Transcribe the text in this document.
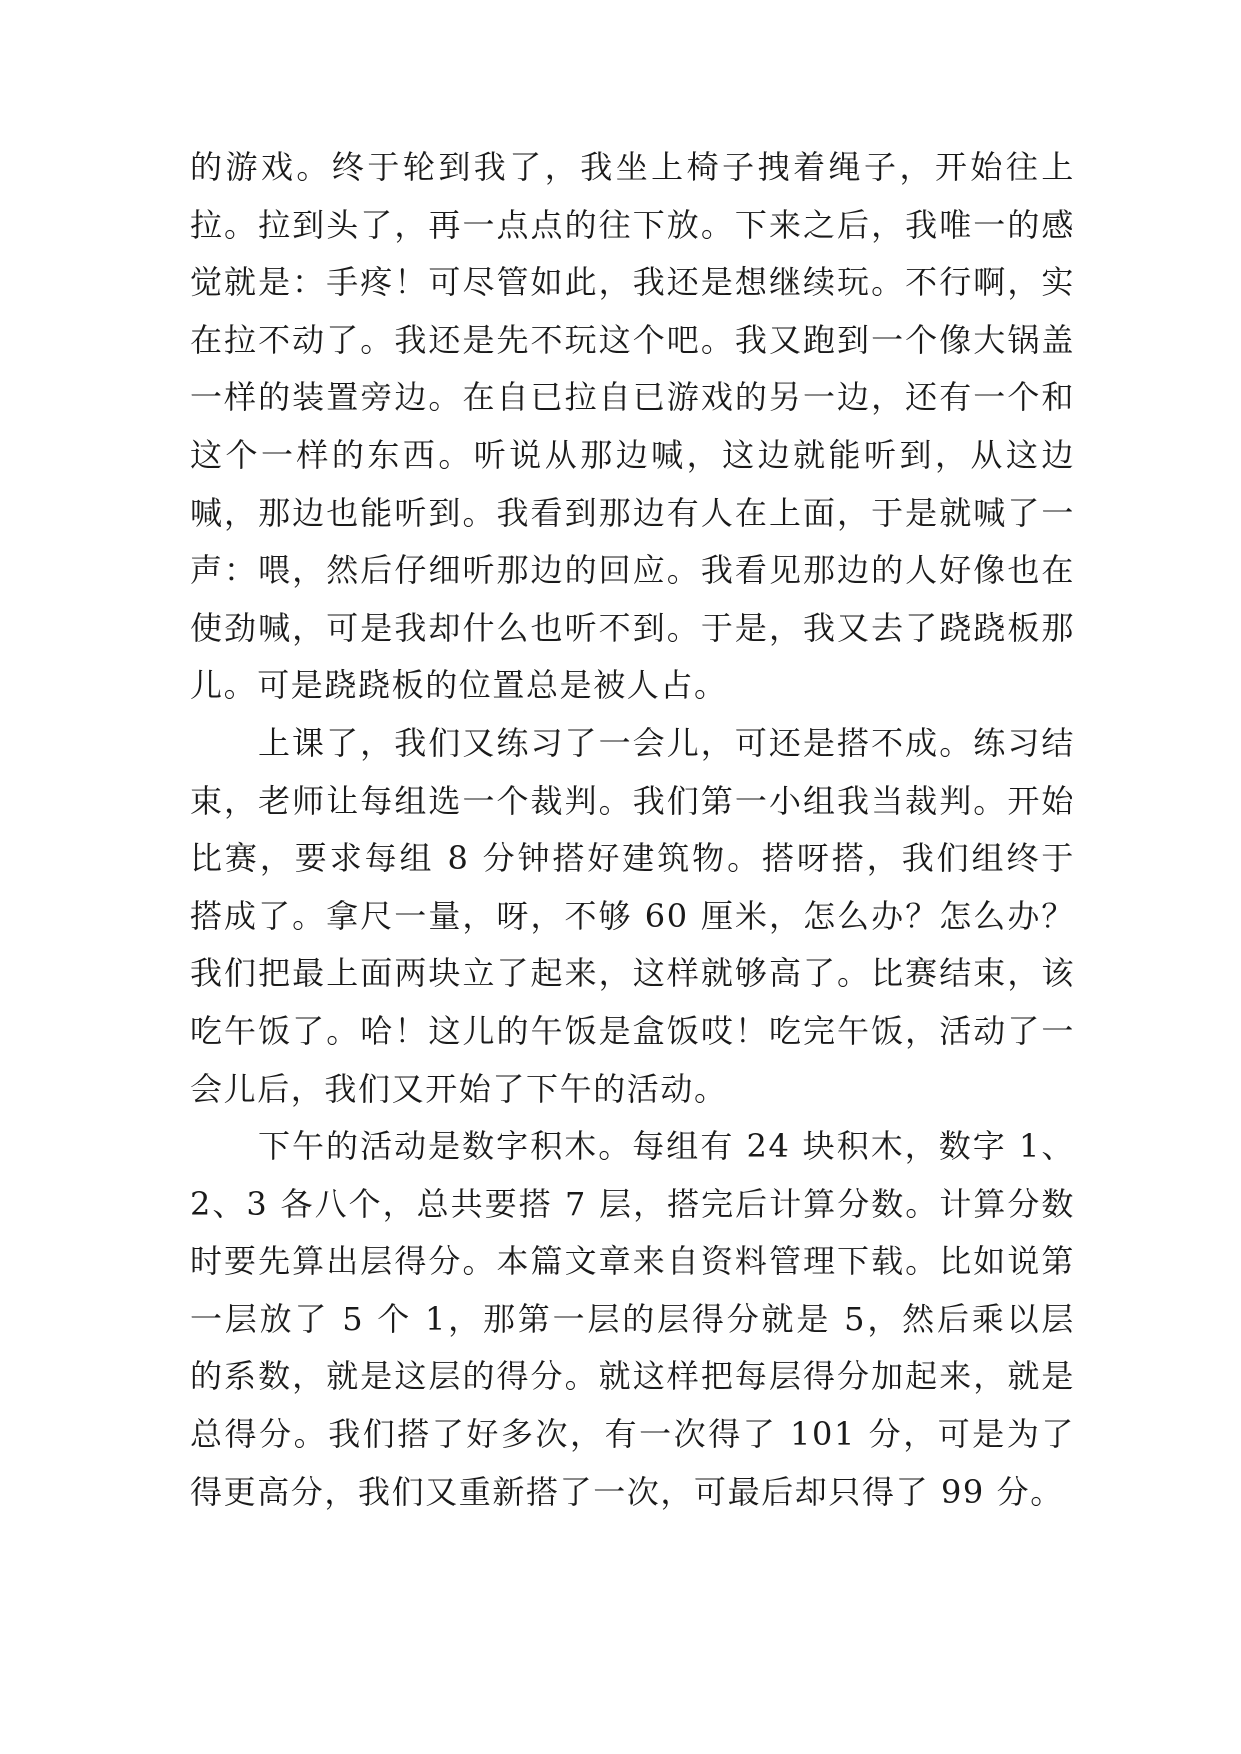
的游戏。终于轮到我了，我坐上椅子拽着绳子，开始往上拉。拉到头了，再一点点的往下放。下来之后，我唯一的感觉就是：手疼！可尽管如此，我还是想继续玩。不行啊，实在拉不动了。我还是先不玩这个吧。我又跑到一个像大锅盖一样的装置旁边。在自已拉自已游戏的另一边，还有一个和这个一样的东西。听说从那边喊，这边就能听到，从这边喊，那边也能听到。我看到那边有人在上面，于是就喊了一声：喂，然后仔细听那边的回应。我看见那边的人好像也在使劲喊，可是我却什么也听不到。于是，我又去了跷跷板那儿。可是跷跷板的位置总是被人占。

上课了，我们又练习了一会儿，可还是搭不成。练习结束，老师让每组选一个裁判。我们第一小组我当裁判。开始比赛，要求每组 8 分钟搭好建筑物。搭呀搭，我们组终于搭成了。拿尺一量，呀，不够 60 厘米，怎么办？怎么办？我们把最上面两块立了起来，这样就够高了。比赛结束，该吃午饭了。哈！这儿的午饭是盒饭哎！吃完午饭，活动了一会儿后，我们又开始了下午的活动。

下午的活动是数字积木。每组有 24 块积木，数字 1、2、3 各八个，总共要搭 7 层，搭完后计算分数。计算分数时要先算出层得分。本篇文章来自资料管理下载。比如说第一层放了 5 个 1，那第一层的层得分就是 5，然后乘以层的系数，就是这层的得分。就这样把每层得分加起来，就是总得分。我们搭了好多次，有一次得了 101 分，可是为了得更高分，我们又重新搭了一次，可最后却只得了 99 分。
